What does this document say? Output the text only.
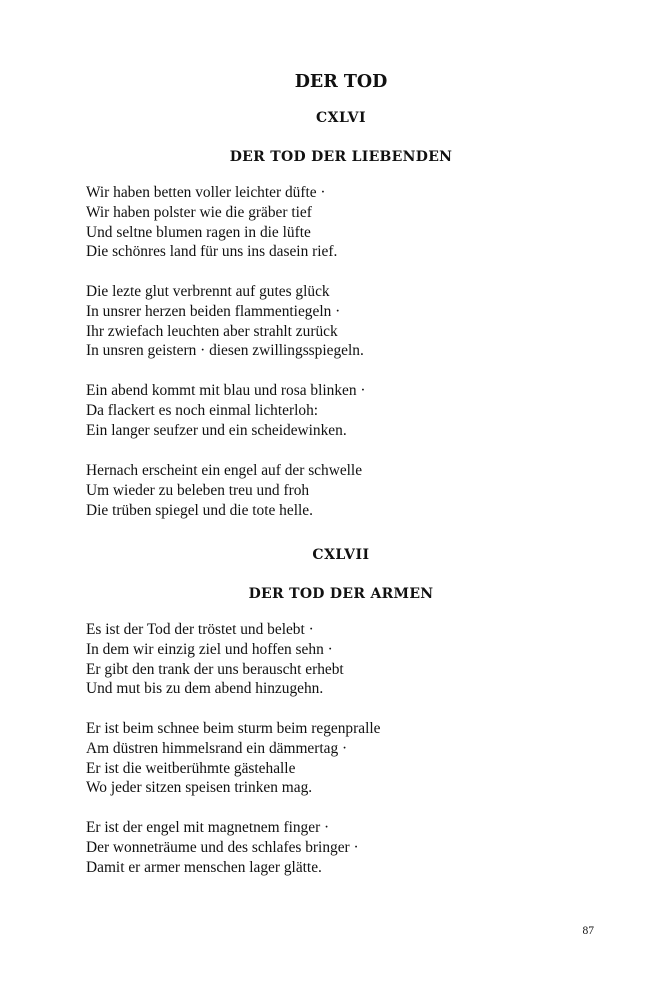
DER TOD
CXLVI
DER TOD DER LIEBENDEN
Wir haben betten voller leichter düfte ·
Wir haben polster wie die gräber tief
Und seltne blumen ragen in die lüfte
Die schönres land für uns ins dasein rief.
Die lezte glut verbrennt auf gutes glück
In unsrer herzen beiden flammentiegeln ·
Ihr zwiefach leuchten aber strahlt zurück
In unsren geistern · diesen zwillingsspiegeln.
Ein abend kommt mit blau und rosa blinken ·
Da flackert es noch einmal lichterloh:
Ein langer seufzer und ein scheidewinken.
Hernach erscheint ein engel auf der schwelle
Um wieder zu beleben treu und froh
Die trüben spiegel und die tote helle.
CXLVII
DER TOD DER ARMEN
Es ist der Tod der tröstet und belebt ·
In dem wir einzig ziel und hoffen sehn ·
Er gibt den trank der uns berauscht erhebt
Und mut bis zu dem abend hinzugehn.
Er ist beim schnee beim sturm beim regenpralle
Am düstren himmelsrand ein dämmertag ·
Er ist die weitberühmte gästehalle
Wo jeder sitzen speisen trinken mag.
Er ist der engel mit magnetnem finger ·
Der wonneträume und des schlafes bringer ·
Damit er armer menschen lager glätte.
87
